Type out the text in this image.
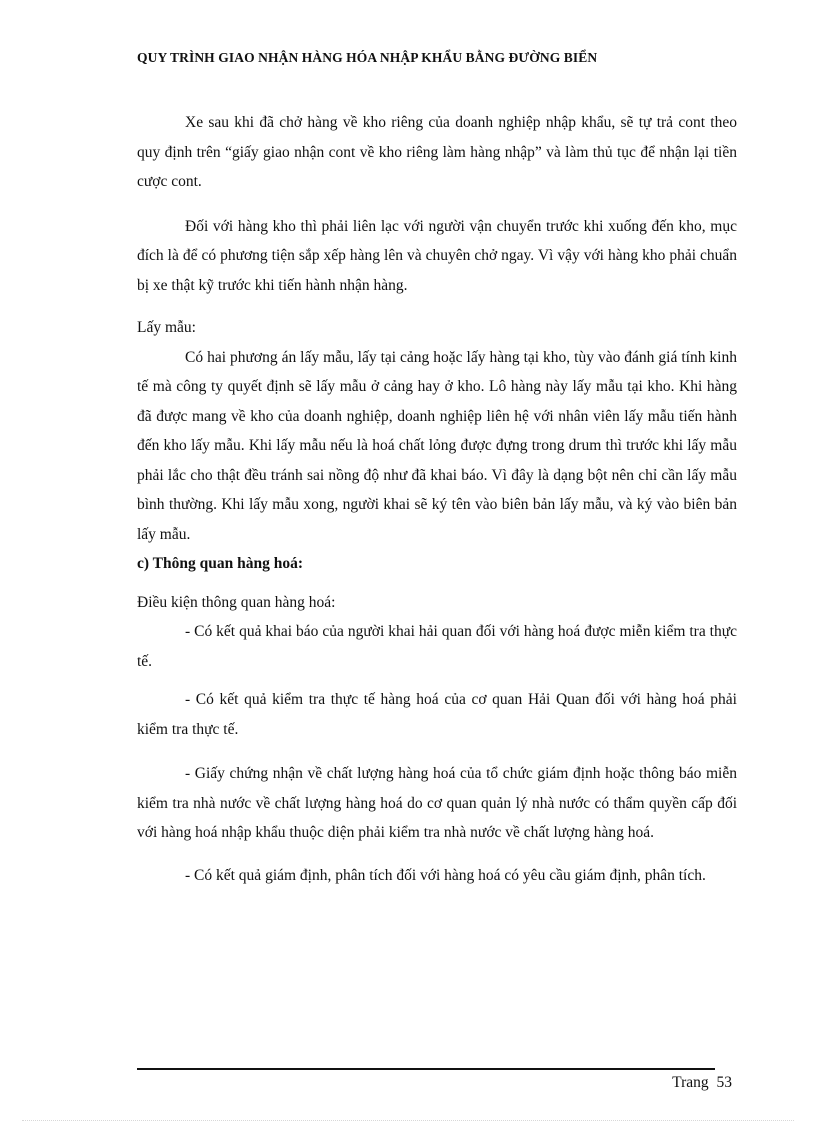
QUY TRÌNH GIAO NHẬN HÀNG HÓA NHẬP KHẨU BẰNG ĐƯỜNG BIỂN

Xe sau khi đã chở hàng về kho riêng của doanh nghiệp nhập khẩu, sẽ tự trả cont theo quy định trên “giấy giao nhận cont về kho riêng làm hàng nhập” và làm thủ tục để nhận lại tiền cược cont.

Đối với hàng kho thì phải liên lạc với người vận chuyển trước khi xuống đến kho, mục đích là để có phương tiện sắp xếp hàng lên và chuyên chở ngay. Vì vậy với hàng kho phải chuẩn bị xe thật kỹ trước khi tiến hành nhận hàng.

Lấy mẫu:

Có hai phương án lấy mẫu, lấy tại cảng hoặc lấy hàng tại kho, tùy vào đánh giá tính kinh tế mà công ty quyết định sẽ lấy mẫu ở cảng hay ở kho. Lô hàng này lấy mẫu tại kho. Khi hàng đã được mang về kho của doanh nghiệp, doanh nghiệp liên hệ với nhân viên lấy mẫu tiến hành đến kho lấy mẫu. Khi lấy mẫu nếu là hoá chất lỏng được đựng trong drum thì trước khi lấy mẫu phải lắc cho thật đều tránh sai nồng độ như đã khai báo. Vì đây là dạng bột nên chỉ cần lấy mẫu bình thường. Khi lấy mẫu xong, người khai sẽ ký tên vào biên bản lấy mẫu, và ký vào biên bản lấy mẫu.

c) Thông quan hàng hoá:

Điều kiện thông quan hàng hoá:

- Có kết quả khai báo của người khai hải quan đối với hàng hoá được miễn kiểm tra thực tế.

- Có kết quả kiểm tra thực tế hàng hoá của cơ quan Hải Quan đối với hàng hoá phải kiểm tra thực tế.

- Giấy chứng nhận về chất lượng hàng hoá của tổ chức giám định hoặc thông báo miễn kiểm tra nhà nước về chất lượng hàng hoá do cơ quan quản lý nhà nước có thẩm quyền cấp đối với hàng hoá nhập khẩu thuộc diện phải kiểm tra nhà nước về chất lượng hàng hoá.

- Có kết quả giám định, phân tích đối với hàng hoá có yêu cầu giám định, phân tích.

Trang 53
